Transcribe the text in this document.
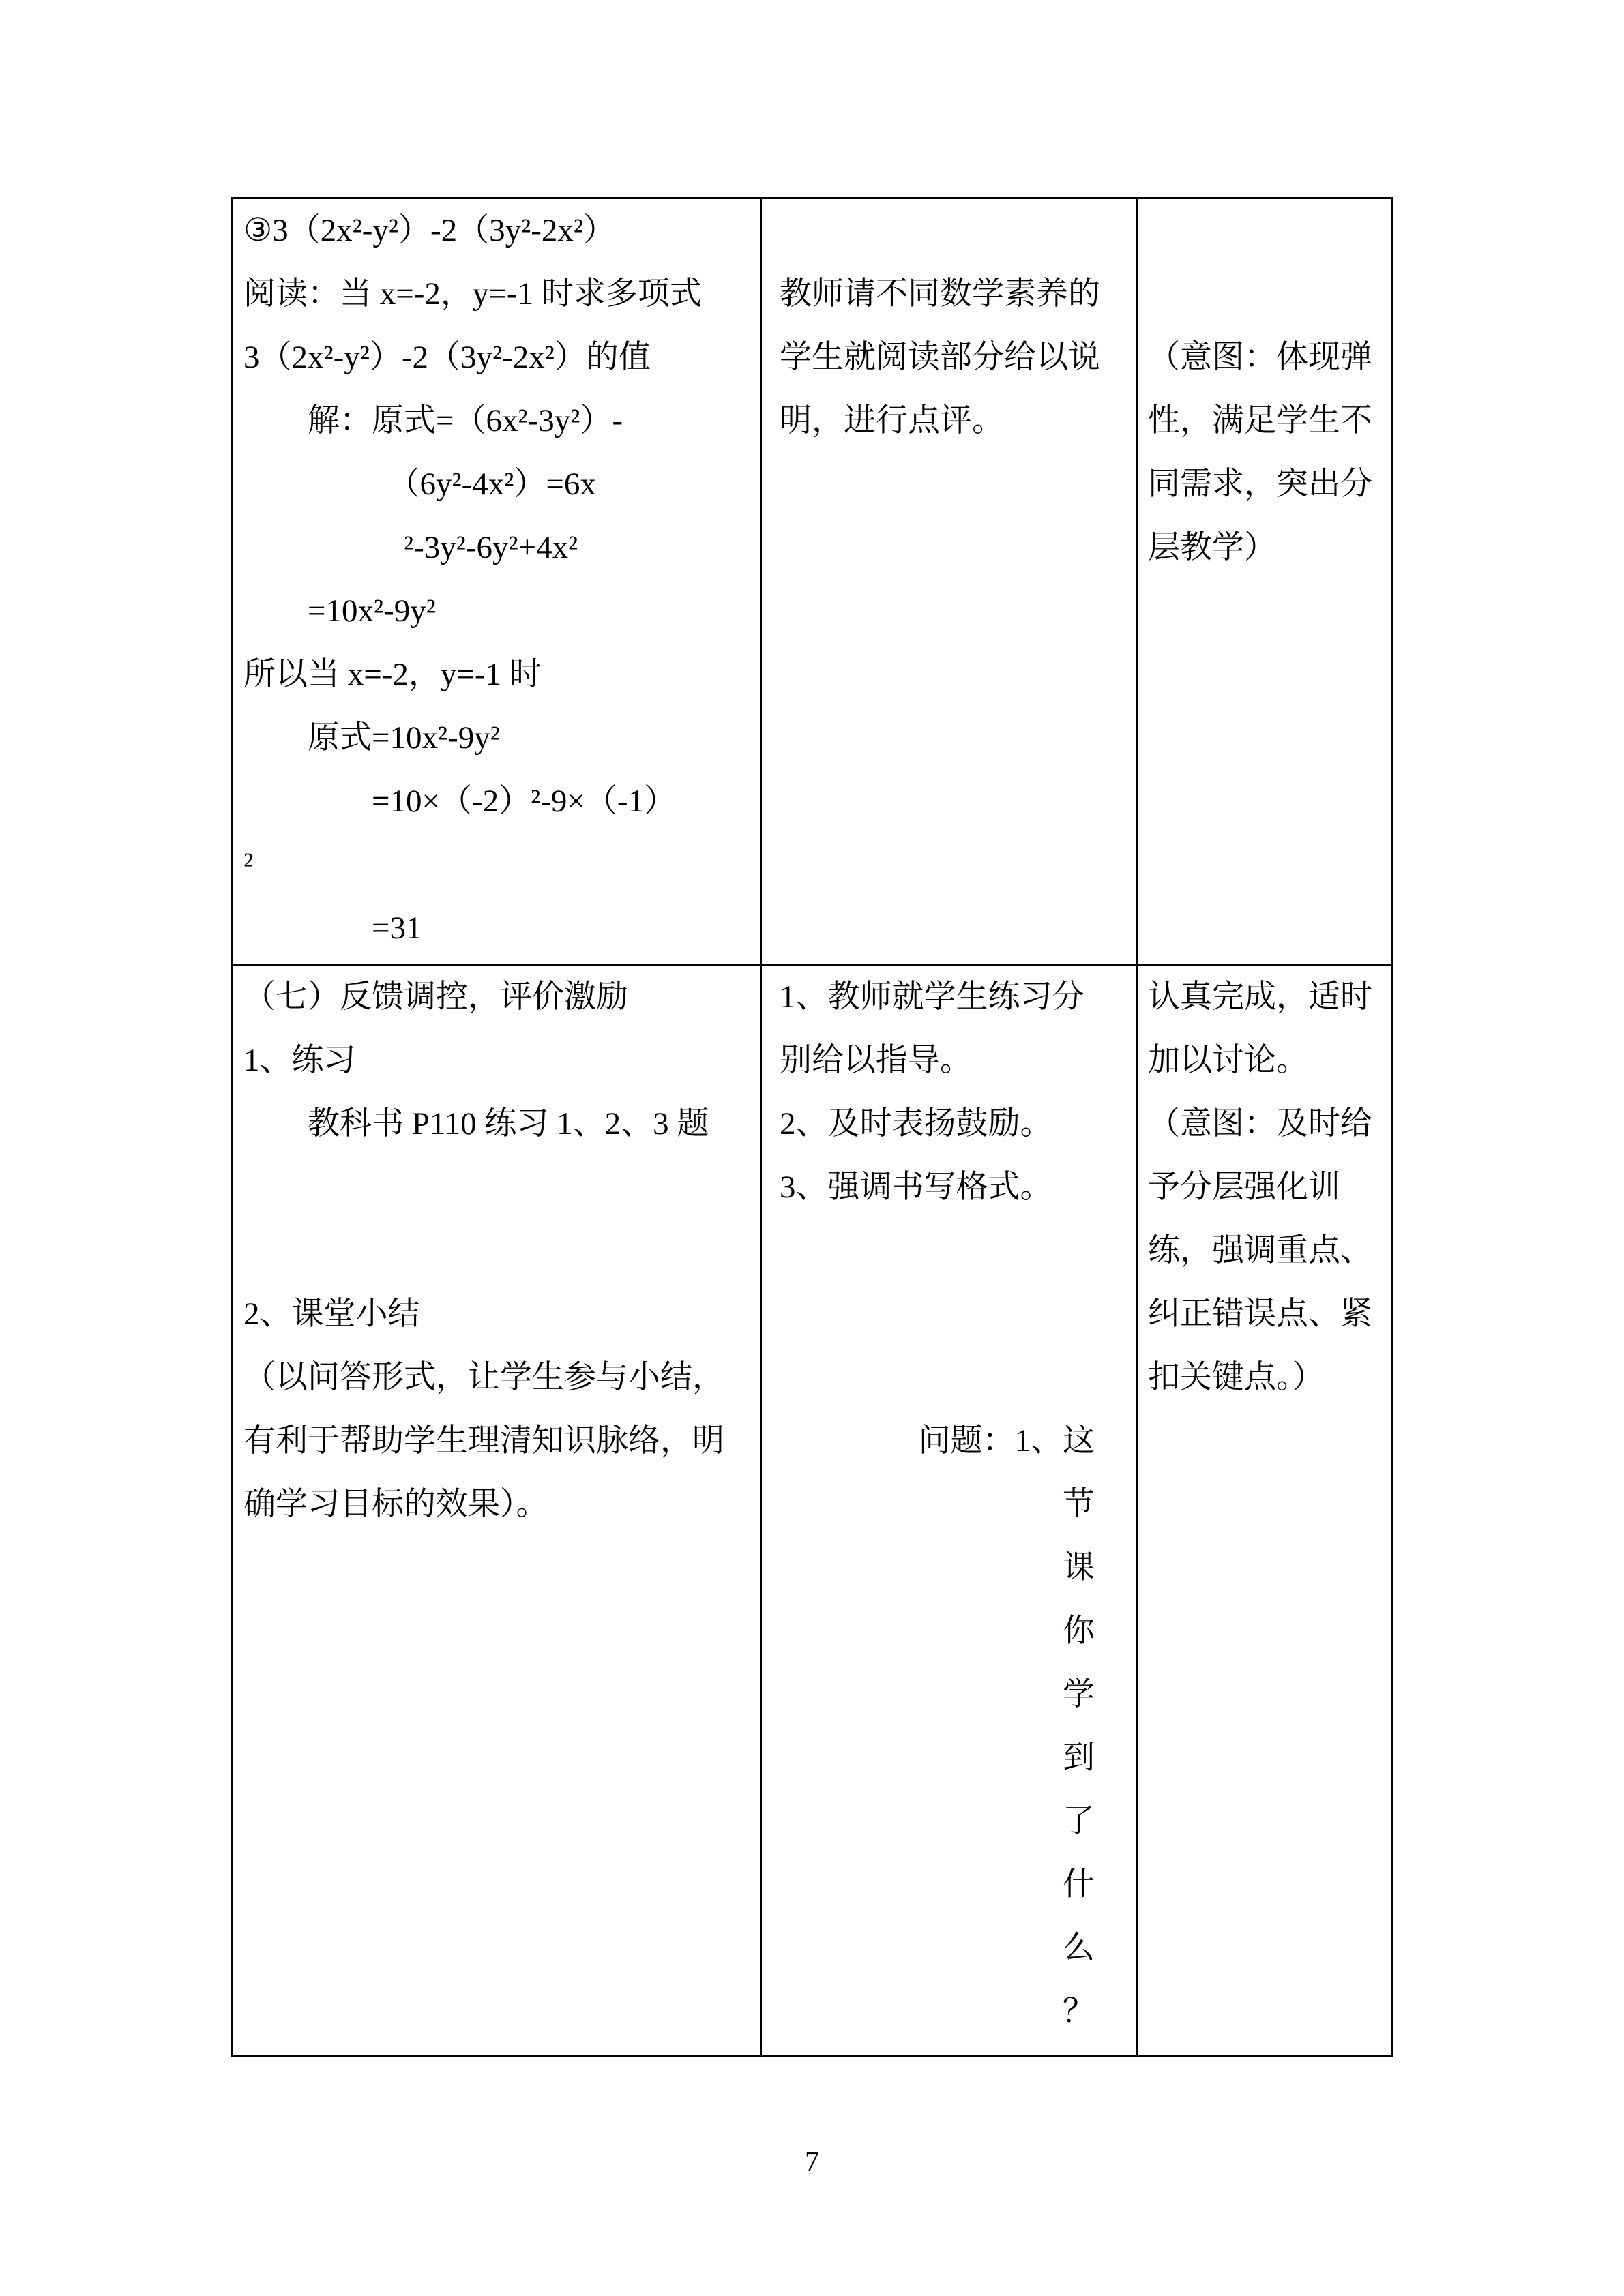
③3（2x²-y²）-2（3y²-2x²）
阅读：当 x=-2，y=-1 时求多项式
3（2x²-y²）-2（3y²-2x²）的值
　　解：原式=（6x²-3y²）-
　　　　　（6y²-4x²）=6x
　　　　　²-3y²-6y²+4x²
　　=10x²-9y²
所以当 x=-2，y=-1 时
　　原式=10x²-9y²
　　　　=10×（-2）²-9×（-1）
²
　　　　=31
教师请不同数学素养的
学生就阅读部分给以说
明，进行点评。
（意图：体现弹
性，满足学生不
同需求，突出分
层教学）
（七）反馈调控，评价激励
1、练习
　　教科书 P110 练习 1、2、3 题
2、课堂小结
（以问答形式，让学生参与小结，
有利于帮助学生理清知识脉络，明
确学习目标的效果）。
1、教师就学生练习分
别给以指导。
2、及时表扬鼓励。
3、强调书写格式。
问题：1、这
节
课
你
学
到
了
什
么
？
认真完成，适时
加以讨论。
（意图：及时给
予分层强化训
练，强调重点、
纠正错误点、紧
扣关键点。）
7
